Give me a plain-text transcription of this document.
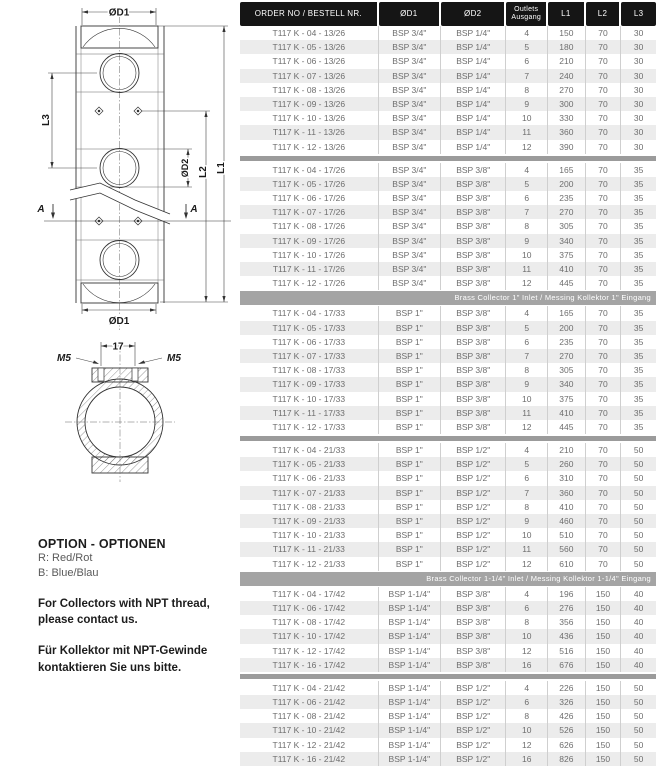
ØD1
ØD1
L3
ØD2 L2 L1
A	A
17
M5	M5
OPTION - OPTIONEN
R: Red/Rot
B: Blue/Blau

For Collectors with NPT thread, please contact us.

Für Kollektor mit NPT-Gewinde kontaktieren Sie uns bitte.

ORDER NO / BESTELL NR.	ØD1	ØD2	Outlets
Ausgang	L1	L2	L3
T117 K - 04 - 13/26	BSP 3/4"	BSP 1/4"	4	150	70	30
T117 K - 05 - 13/26	BSP 3/4"	BSP 1/4"	5	180	70	30
T117 K - 06 - 13/26	BSP 3/4"	BSP 1/4"	6	210	70	30
T117 K - 07 - 13/26	BSP 3/4"	BSP 1/4"	7	240	70	30
T117 K - 08 - 13/26	BSP 3/4"	BSP 1/4"	8	270	70	30
T117 K - 09 - 13/26	BSP 3/4"	BSP 1/4"	9	300	70	30
T117 K - 10 - 13/26	BSP 3/4"	BSP 1/4"	10	330	70	30
T117 K - 11 - 13/26	BSP 3/4"	BSP 1/4"	11	360	70	30
T117 K - 12 - 13/26	BSP 3/4"	BSP 1/4"	12	390	70	30
T117 K - 04 - 17/26	BSP 3/4"	BSP 3/8"	4	165	70	35
T117 K - 05 - 17/26	BSP 3/4"	BSP 3/8"	5	200	70	35
T117 K - 06 - 17/26	BSP 3/4"	BSP 3/8"	6	235	70	35
T117 K - 07 - 17/26	BSP 3/4"	BSP 3/8"	7	270	70	35
T117 K - 08 - 17/26	BSP 3/4"	BSP 3/8"	8	305	70	35
T117 K - 09 - 17/26	BSP 3/4"	BSP 3/8"	9	340	70	35
T117 K - 10 - 17/26	BSP 3/4"	BSP 3/8"	10	375	70	35
T117 K - 11 - 17/26	BSP 3/4"	BSP 3/8"	11	410	70	35
T117 K - 12 - 17/26	BSP 3/4"	BSP 3/8"	12	445	70	35
Brass Collector 1" Inlet / Messing Kollektor 1" Eingang
T117 K - 04 - 17/33	BSP 1"	BSP 3/8"	4	165	70	35
T117 K - 05 - 17/33	BSP 1"	BSP 3/8"	5	200	70	35
T117 K - 06 - 17/33	BSP 1"	BSP 3/8"	6	235	70	35
T117 K - 07 - 17/33	BSP 1"	BSP 3/8"	7	270	70	35
T117 K - 08 - 17/33	BSP 1"	BSP 3/8"	8	305	70	35
T117 K - 09 - 17/33	BSP 1"	BSP 3/8"	9	340	70	35
T117 K - 10 - 17/33	BSP 1"	BSP 3/8"	10	375	70	35
T117 K - 11 - 17/33	BSP 1"	BSP 3/8"	11	410	70	35
T117 K - 12 - 17/33	BSP 1"	BSP 3/8"	12	445	70	35
T117 K - 04 - 21/33	BSP 1"	BSP 1/2"	4	210	70	50
T117 K - 05 - 21/33	BSP 1"	BSP 1/2"	5	260	70	50
T117 K - 06 - 21/33	BSP 1"	BSP 1/2"	6	310	70	50
T117 K - 07 - 21/33	BSP 1"	BSP 1/2"	7	360	70	50
T117 K - 08 - 21/33	BSP 1"	BSP 1/2"	8	410	70	50
T117 K - 09 - 21/33	BSP 1"	BSP 1/2"	9	460	70	50
T117 K - 10 - 21/33	BSP 1"	BSP 1/2"	10	510	70	50
T117 K - 11 - 21/33	BSP 1"	BSP 1/2"	11	560	70	50
T117 K - 12 - 21/33	BSP 1"	BSP 1/2"	12	610	70	50
Brass Collector 1-1/4" Inlet / Messing Kollektor 1-1/4" Eingang
T117 K - 04 - 17/42	BSP 1-1/4"	BSP 3/8"	4	196	150	40
T117 K - 06 - 17/42	BSP 1-1/4"	BSP 3/8"	6	276	150	40
T117 K - 08 - 17/42	BSP 1-1/4"	BSP 3/8"	8	356	150	40
T117 K - 10 - 17/42	BSP 1-1/4"	BSP 3/8"	10	436	150	40
T117 K - 12 - 17/42	BSP 1-1/4"	BSP 3/8"	12	516	150	40
T117 K - 16 - 17/42	BSP 1-1/4"	BSP 3/8"	16	676	150	40
T117 K - 04 - 21/42	BSP 1-1/4"	BSP 1/2"	4	226	150	50
T117 K - 06 - 21/42	BSP 1-1/4"	BSP 1/2"	6	326	150	50
T117 K - 08 - 21/42	BSP 1-1/4"	BSP 1/2"	8	426	150	50
T117 K - 10 - 21/42	BSP 1-1/4"	BSP 1/2"	10	526	150	50
T117 K - 12 - 21/42	BSP 1-1/4"	BSP 1/2"	12	626	150	50
T117 K - 16 - 21/42	BSP 1-1/4"	BSP 1/2"	16	826	150	50
